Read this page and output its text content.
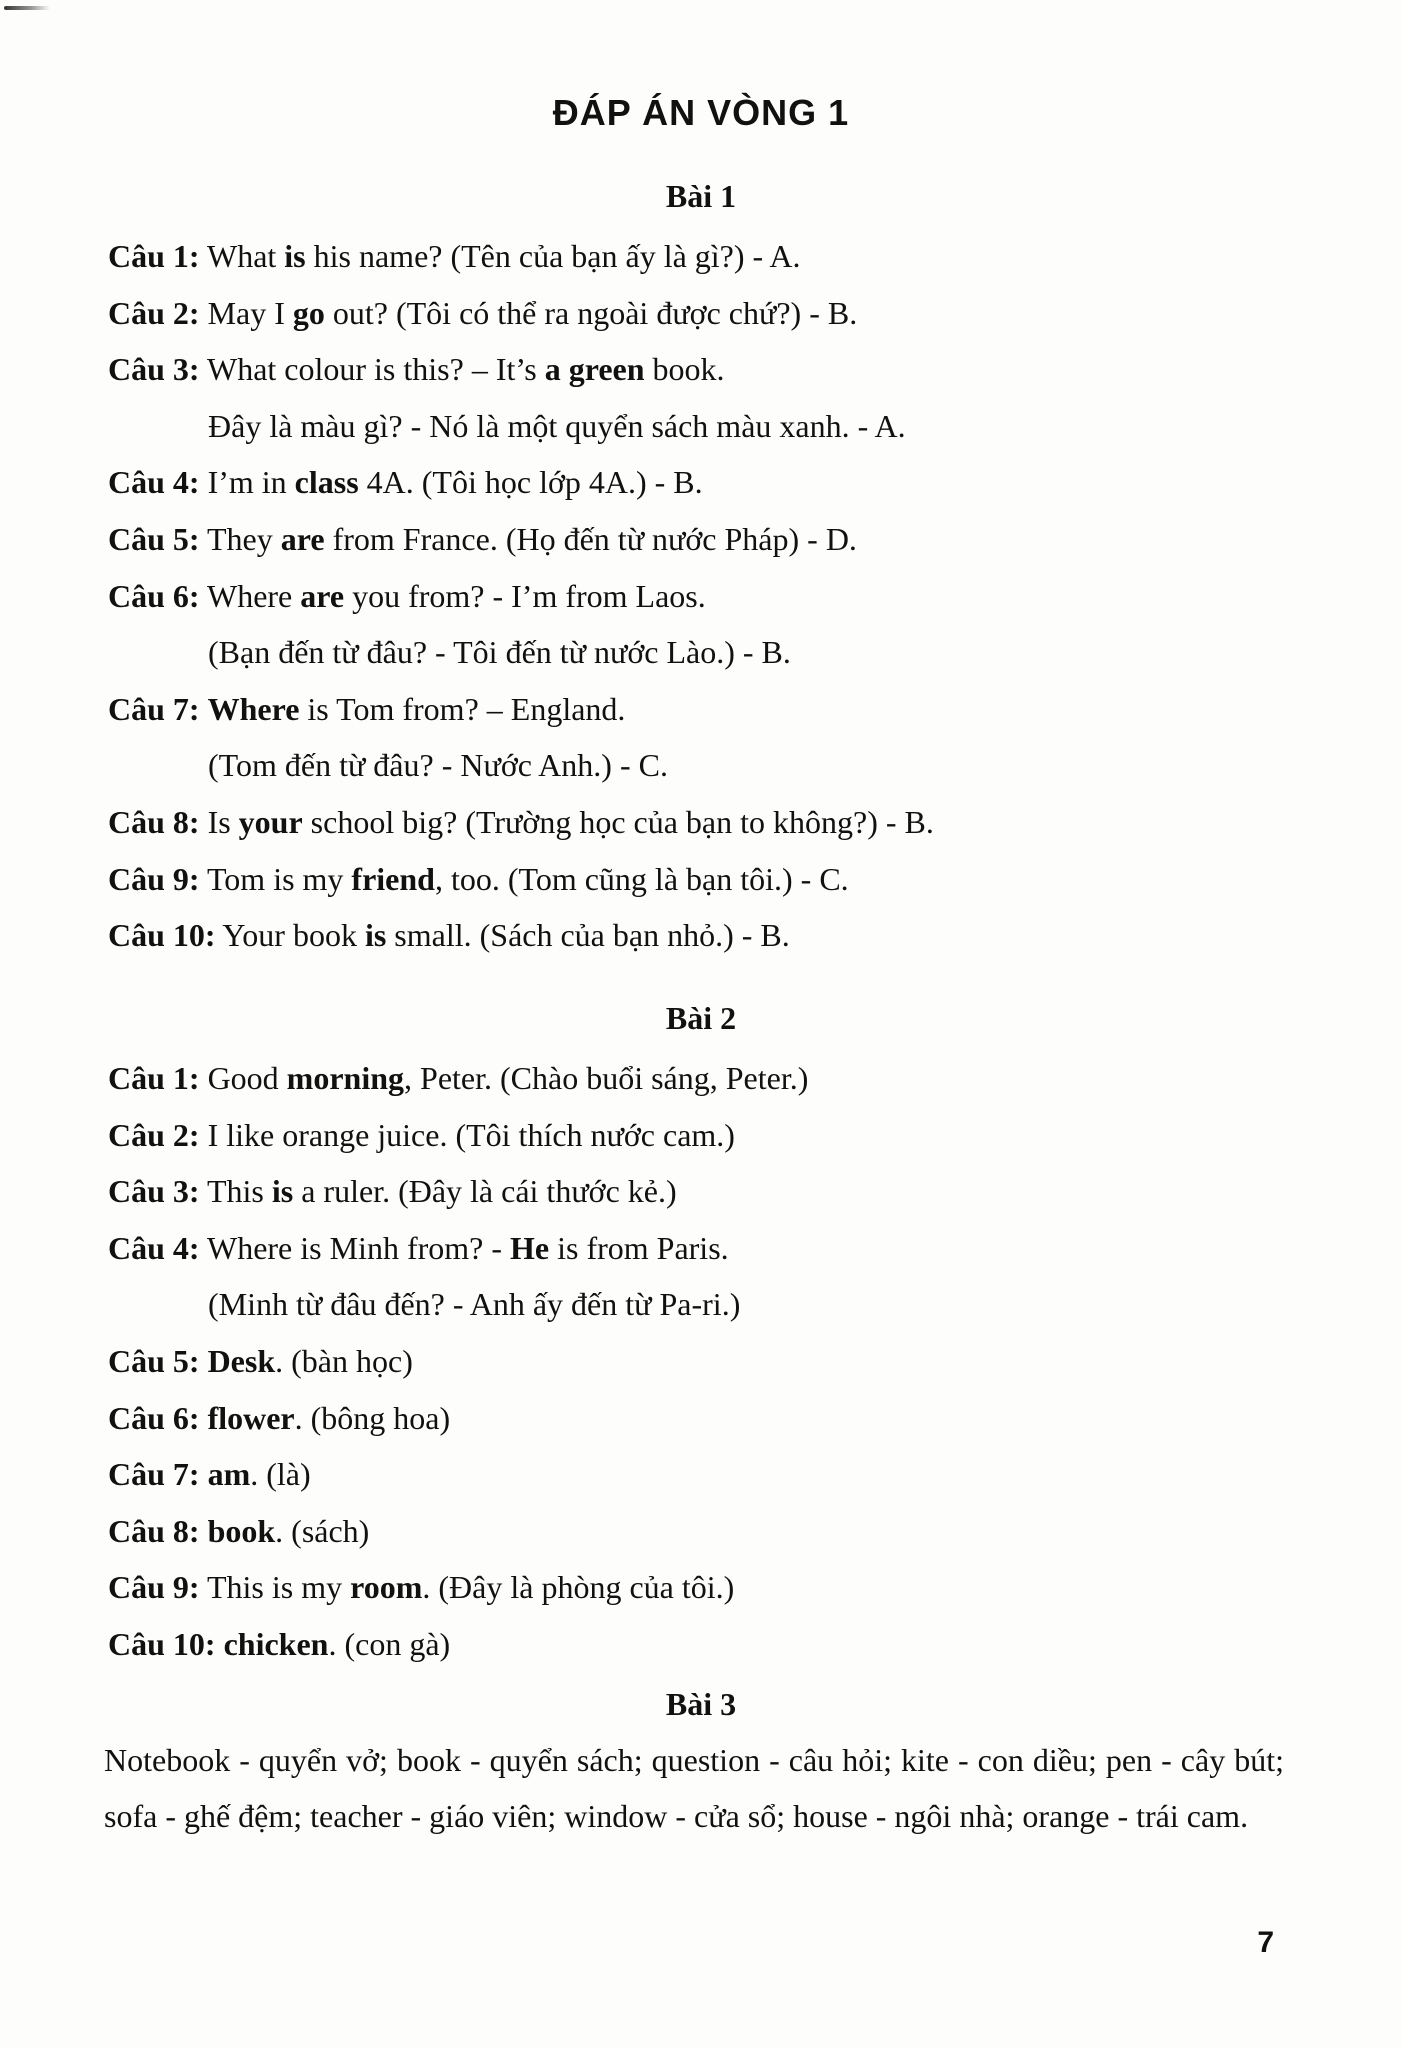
ĐÁP ÁN VÒNG 1
Bài 1
Câu 1: What is his name? (Tên của bạn ấy là gì?) - A.
Câu 2: May I go out? (Tôi có thể ra ngoài được chứ?) - B.
Câu 3: What colour is this? – It’s a green book.
Đây là màu gì? - Nó là một quyển sách màu xanh. - A.
Câu 4: I’m in class 4A. (Tôi học lớp 4A.) - B.
Câu 5: They are from France. (Họ đến từ nước Pháp) - D.
Câu 6: Where are you from? - I’m from Laos.
(Bạn đến từ đâu? - Tôi đến từ nước Lào.) - B.
Câu 7: Where is Tom from? – England.
(Tom đến từ đâu? - Nước Anh.) - C.
Câu 8: Is your school big? (Trường học của bạn to không?) - B.
Câu 9: Tom is my friend, too. (Tom cũng là bạn tôi.) - C.
Câu 10: Your book is small. (Sách của bạn nhỏ.) - B.
Bài 2
Câu 1: Good morning, Peter. (Chào buổi sáng, Peter.)
Câu 2: I like orange juice. (Tôi thích nước cam.)
Câu 3: This is a ruler. (Đây là cái thước kẻ.)
Câu 4: Where is Minh from? - He is from Paris.
(Minh từ đâu đến? - Anh ấy đến từ Pa-ri.)
Câu 5: Desk. (bàn học)
Câu 6: flower. (bông hoa)
Câu 7: am. (là)
Câu 8: book. (sách)
Câu 9: This is my room. (Đây là phòng của tôi.)
Câu 10: chicken. (con gà)
Bài 3
Notebook - quyển vở; book - quyển sách; question - câu hỏi; kite - con diều; pen - cây bút; sofa - ghế đệm; teacher - giáo viên; window - cửa sổ; house - ngôi nhà; orange - trái cam.
7
